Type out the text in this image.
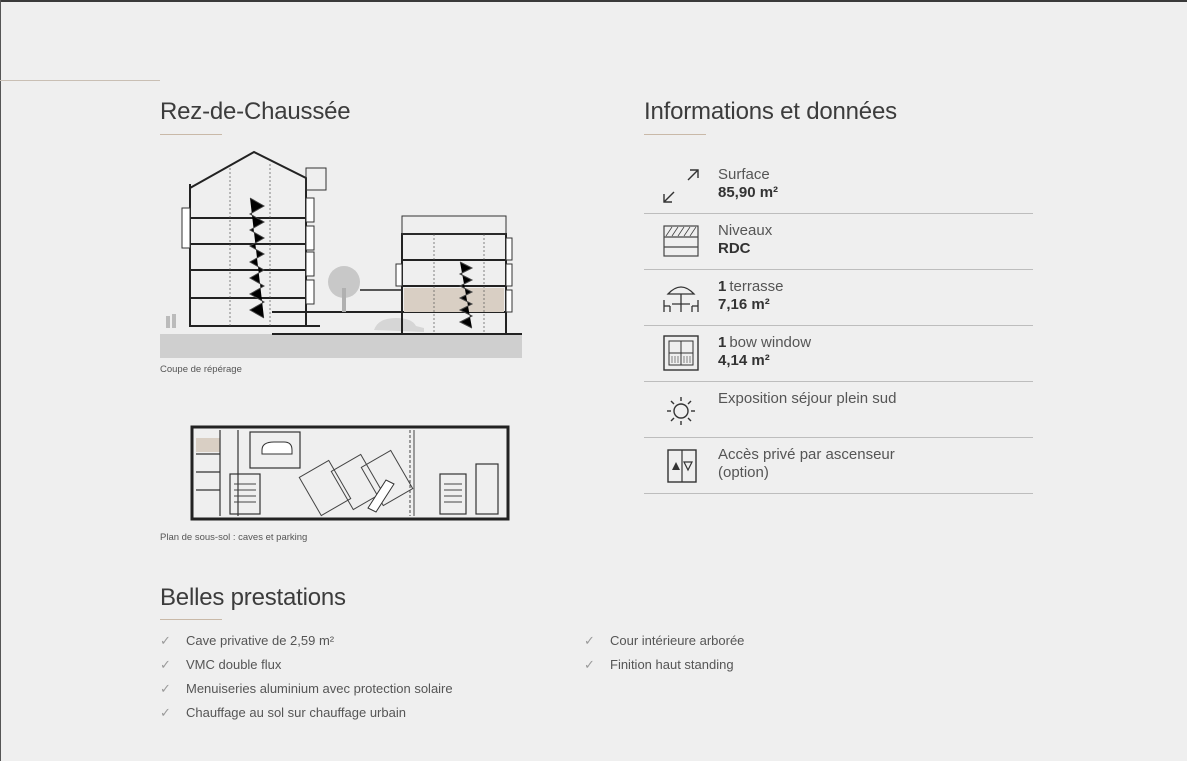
Rez-de-Chaussée
Coupe de répérage
Plan de sous-sol : caves et parking
Informations et données
Surface
85,90 m²
Niveaux
RDC
1 terrasse
7,16 m²
1 bow window
4,14 m²
Exposition séjour plein sud
Accès privé par ascenseur
(option)
Belles prestations
✓ Cave privative de 2,59 m²
✓ VMC double flux
✓ Menuiseries aluminium avec protection solaire
✓ Chauffage au sol sur chauffage urbain
✓ Cour intérieure arborée
✓ Finition haut standing
